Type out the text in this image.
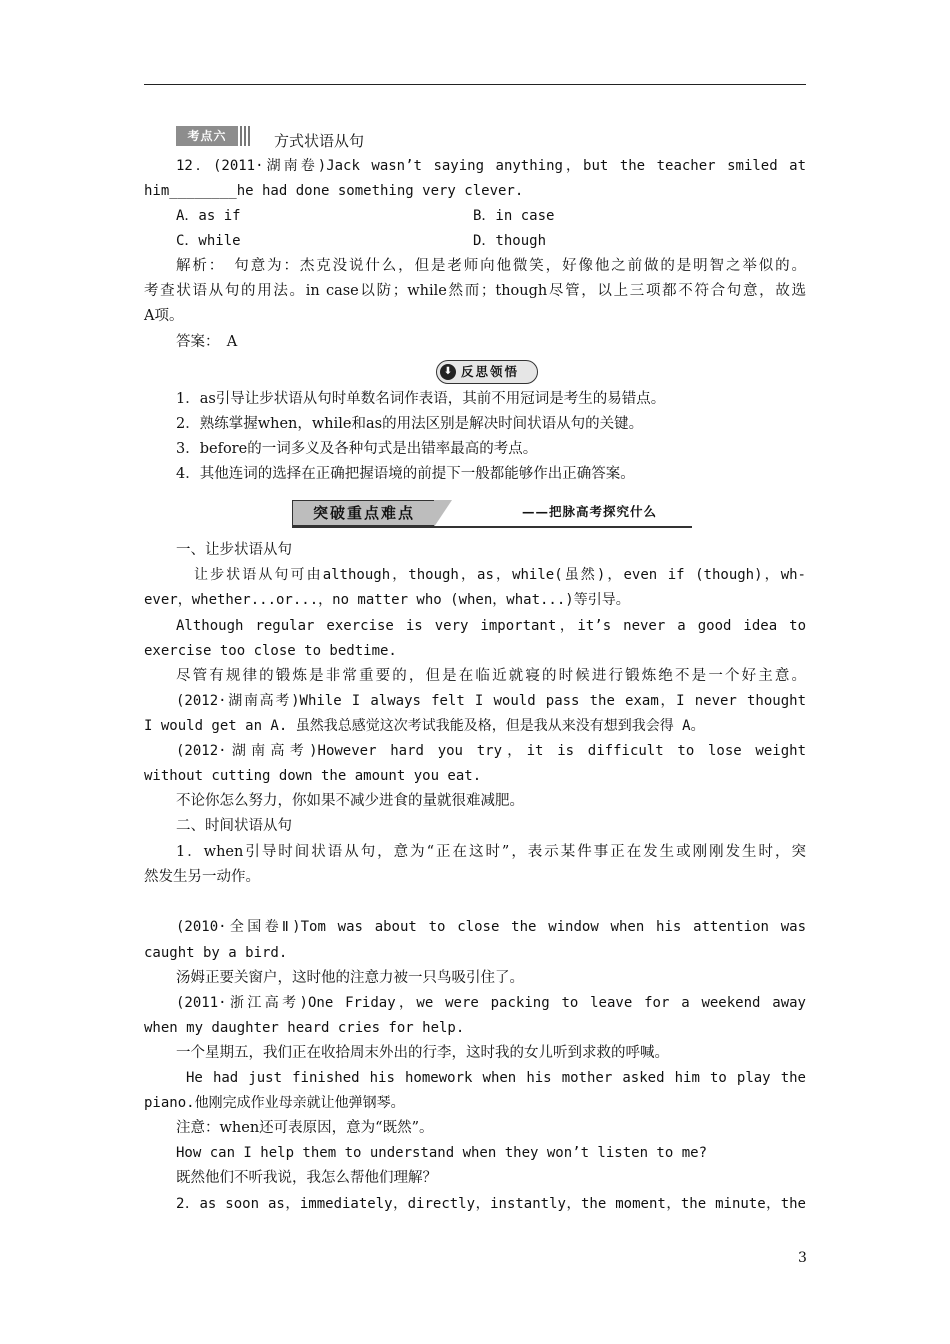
考点六	方式状语从句
12．(2011·湖南卷)Jack wasn’t saying anything，but the teacher smiled at
him________he had done something very clever.
A．as if	B．in case
C．while	D．though
解析：　句意为：杰克没说什么，但是老师向他微笑，好像他之前做的是明智之举似的。
考查状语从句的用法。in case以防；while然而；though尽管，以上三项都不符合句意，故选
A项。
答案：　A
⬇ 反思领悟
1．as引导让步状语从句时单数名词作表语，其前不用冠词是考生的易错点。
2．熟练掌握when，while和as的用法区别是解决时间状语从句的关键。
3．before的一词多义及各种句式是出错率最高的考点。
4．其他连词的选择在正确把握语境的前提下一般都能够作出正确答案。
突破重点难点	——把脉高考探究什么
一、让步状语从句
让步状语从句可由although，though，as，while(虽然)，even if (though)，wh-
ever，whether...or...，no matter who (when，what...)等引导。
Although regular exercise is very important，it’s never a good idea to
exercise too close to bedtime.
尽管有规律的锻炼是非常重要的，但是在临近就寝的时候进行锻炼绝不是一个好主意。
(2012·湖南高考)While I always felt I would pass the exam，I never thought
I would get an A. 虽然我总感觉这次考试我能及格，但是我从来没有想到我会得 A。
(2012·湖南高考)However hard you try，it is difficult to lose weight
without cutting down the amount you eat.
不论你怎么努力，你如果不减少进食的量就很难减肥。
二、时间状语从句
1．when引导时间状语从句，意为“正在这时”，表示某件事正在发生或刚刚发生时，突
然发生另一动作。
(2010·全国卷Ⅱ)Tom was about to close the window when his attention was
caught by a bird.
汤姆正要关窗户，这时他的注意力被一只鸟吸引住了。
(2011·浙江高考)One Friday，we were packing to leave for a weekend away
when my daughter heard cries for help.
一个星期五，我们正在收拾周末外出的行李，这时我的女儿听到求救的呼喊。
He had just finished his homework when his mother asked him to play the
piano.他刚完成作业母亲就让他弹钢琴。
注意：when还可表原因，意为“既然”。
How can I help them to understand when they won’t listen to me?
既然他们不听我说，我怎么帮他们理解？
2．as soon as，immediately，directly，instantly，the moment，the minute，the
3
